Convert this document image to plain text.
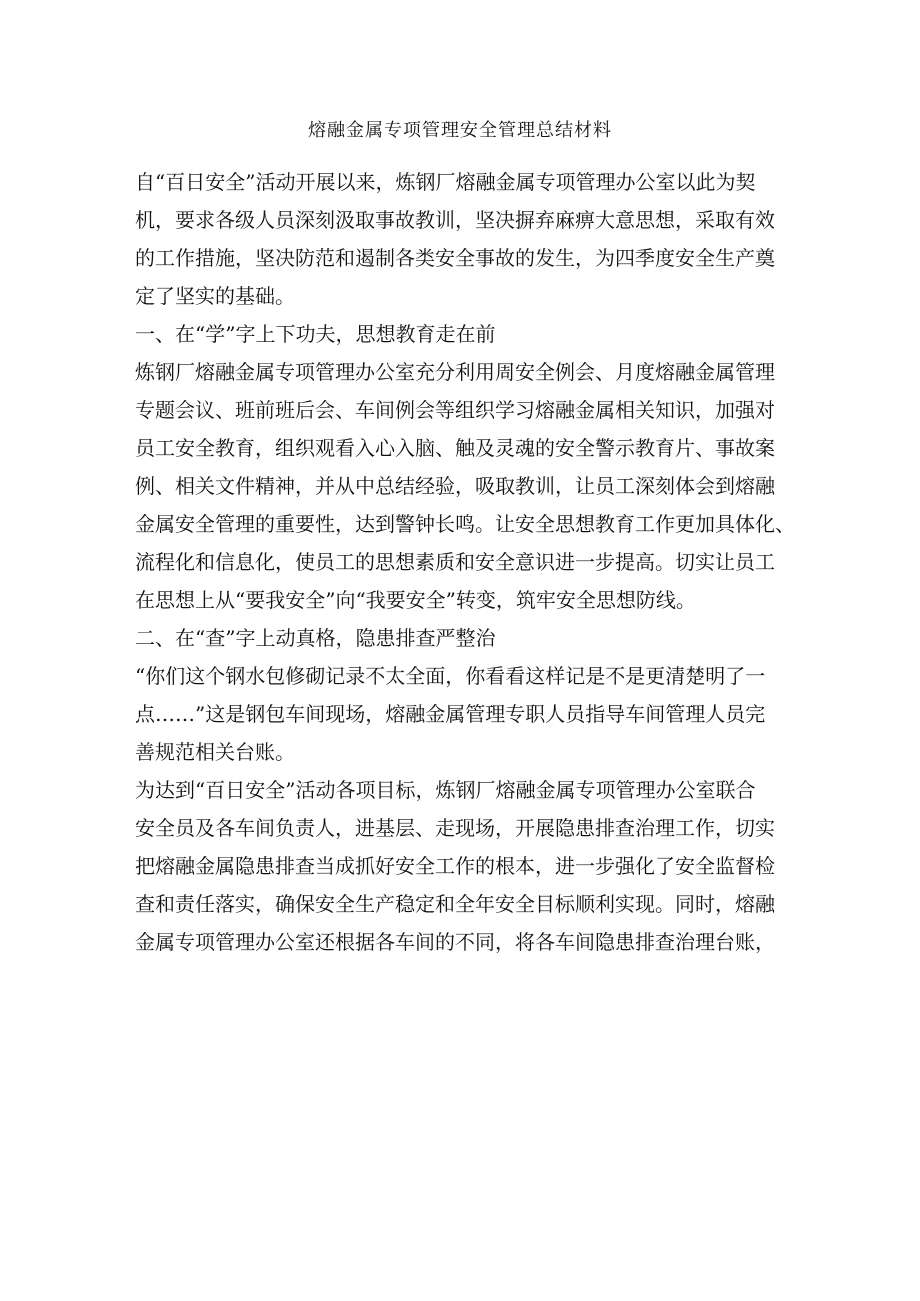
熔融金属专项管理安全管理总结材料
自“百日安全”活动开展以来，炼钢厂熔融金属专项管理办公室以此为契
机，要求各级人员深刻汲取事故教训，坚决摒弃麻痹大意思想，采取有效
的工作措施，坚决防范和遏制各类安全事故的发生，为四季度安全生产奠
定了坚实的基础。
一、在“学”字上下功夫，思想教育走在前
炼钢厂熔融金属专项管理办公室充分利用周安全例会、月度熔融金属管理
专题会议、班前班后会、车间例会等组织学习熔融金属相关知识，加强对
员工安全教育，组织观看入心入脑、触及灵魂的安全警示教育片、事故案
例、相关文件精神，并从中总结经验，吸取教训，让员工深刻体会到熔融
金属安全管理的重要性，达到警钟长鸣。让安全思想教育工作更加具体化、
流程化和信息化，使员工的思想素质和安全意识进一步提高。切实让员工
在思想上从“要我安全”向“我要安全”转变，筑牢安全思想防线。
二、在“查”字上动真格，隐患排查严整治
“你们这个钢水包修砌记录不太全面，你看看这样记是不是更清楚明了一
点……”这是钢包车间现场，熔融金属管理专职人员指导车间管理人员完
善规范相关台账。
为达到“百日安全”活动各项目标，炼钢厂熔融金属专项管理办公室联合
安全员及各车间负责人，进基层、走现场，开展隐患排查治理工作，切实
把熔融金属隐患排查当成抓好安全工作的根本，进一步强化了安全监督检
查和责任落实，确保安全生产稳定和全年安全目标顺利实现。同时，熔融
金属专项管理办公室还根据各车间的不同，将各车间隐患排查治理台账，
